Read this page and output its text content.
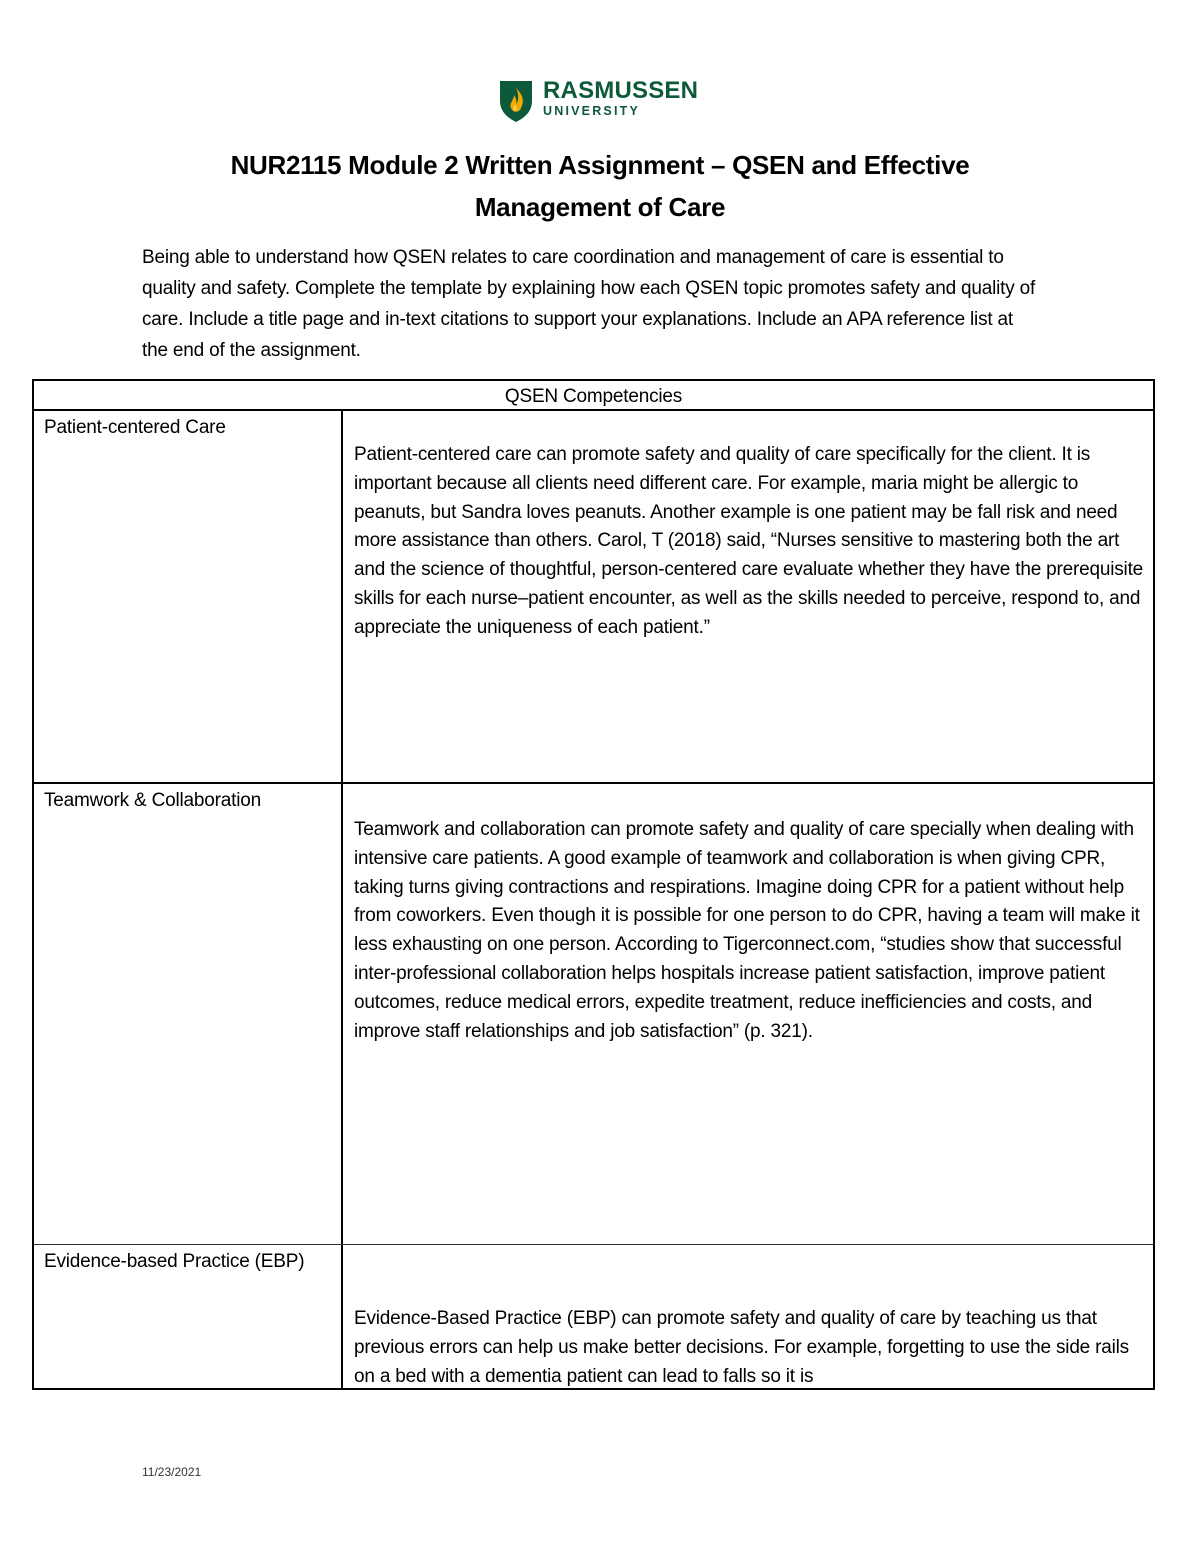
RASMUSSEN
UNIVERSITY
NUR2115 Module 2 Written Assignment – QSEN and Effective
Management of Care
Being able to understand how QSEN relates to care coordination and management of care is essential to quality and safety. Complete the template by explaining how each QSEN topic promotes safety and quality of care. Include a title page and in-text citations to support your explanations. Include an APA reference list at the end of the assignment.
QSEN Competencies
Patient-centered Care
Patient-centered care can promote safety and quality of care specifically for the client. It is important because all clients need different care. For example, maria might be allergic to peanuts, but Sandra loves peanuts. Another example is one patient may be fall risk and need more assistance than others. Carol, T (2018) said, “Nurses sensitive to mastering both the art and the science of thoughtful, person-centered care evaluate whether they have the prerequisite skills for each nurse–patient encounter, as well as the skills needed to perceive, respond to, and appreciate the uniqueness of each patient.”
Teamwork & Collaboration
Teamwork and collaboration can promote safety and quality of care specially when dealing with intensive care patients. A good example of teamwork and collaboration is when giving CPR, taking turns giving contractions and respirations. Imagine doing CPR for a patient without help from coworkers. Even though it is possible for one person to do CPR, having a team will make it less exhausting on one person. According to Tigerconnect.com, “studies show that successful inter-professional collaboration helps hospitals increase patient satisfaction, improve patient outcomes, reduce medical errors, expedite treatment, reduce inefficiencies and costs, and improve staff relationships and job satisfaction” (p. 321).
Evidence-based Practice (EBP)
Evidence-Based Practice (EBP) can promote safety and quality of care by teaching us that previous errors can help us make better decisions. For example, forgetting to use the side rails on a bed with a dementia patient can lead to falls so it is
11/23/2021
